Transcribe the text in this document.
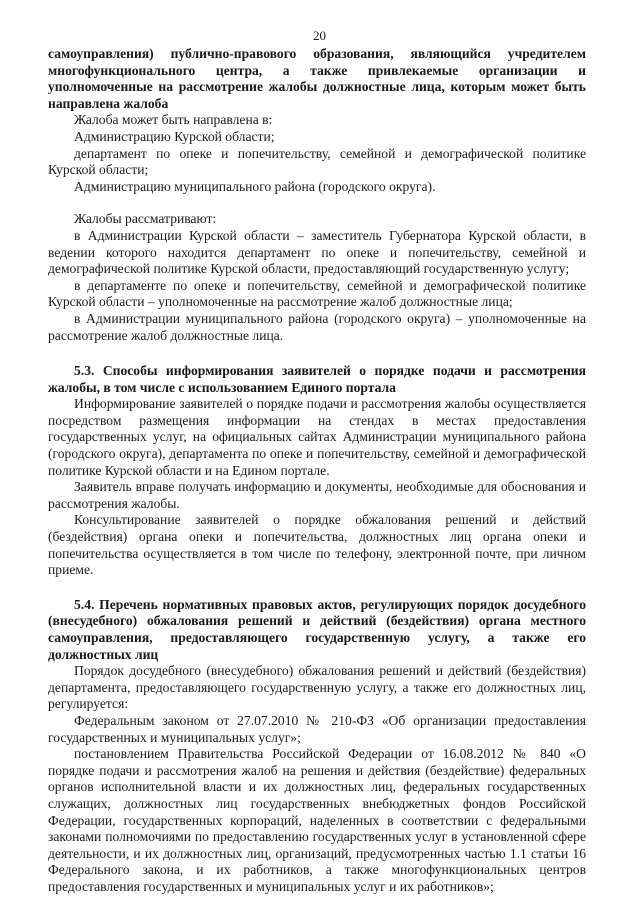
20

самоуправления) публично-правового образования, являющийся учредителем многофункционального центра, а также привлекаемые организации и уполномоченные на рассмотрение жалобы должностные лица, которым может быть направлена жалоба

Жалоба может быть направлена в:

Администрацию Курской области;

департамент по опеке и попечительству, семейной и демографической политике Курской области;

Администрацию муниципального района (городского округа).

Жалобы рассматривают:

в Администрации Курской области – заместитель Губернатора Курской области, в ведении которого находится департамент по опеке и попечительству, семейной и демографической политике Курской области, предоставляющий государственную услугу;

в департаменте по опеке и попечительству, семейной и демографической политике Курской области – уполномоченные на рассмотрение жалоб должностные лица;

в Администрации муниципального района (городского округа) – уполномоченные на рассмотрение жалоб должностные лица.

5.3. Способы информирования заявителей о порядке подачи и рассмотрения жалобы, в том числе с использованием Единого портала

Информирование заявителей о порядке подачи и рассмотрения жалобы осуществляется посредством размещения информации на стендах в местах предоставления государственных услуг, на официальных сайтах Администрации муниципального района (городского округа), департамента по опеке и попечительству, семейной и демографической политике Курской области и на Едином портале.

Заявитель вправе получать информацию и документы, необходимые для обоснования и рассмотрения жалобы.

Консультирование заявителей о порядке обжалования решений и действий (бездействия) органа опеки и попечительства, должностных лиц органа опеки и попечительства осуществляется в том числе по телефону, электронной почте, при личном приеме.

5.4. Перечень нормативных правовых актов, регулирующих порядок досудебного (внесудебного) обжалования решений и действий (бездействия) органа местного самоуправления, предоставляющего государственную услугу, а также его должностных лиц

Порядок досудебного (внесудебного) обжалования решений и действий (бездействия) департамента, предоставляющего государственную услугу, а также его должностных лиц, регулируется:

Федеральным законом от 27.07.2010 № 210-ФЗ «Об организации предоставления государственных и муниципальных услуг»;

постановлением Правительства Российской Федерации от 16.08.2012 № 840 «О порядке подачи и рассмотрения жалоб на решения и действия (бездействие) федеральных органов исполнительной власти и их должностных лиц, федеральных государственных служащих, должностных лиц государственных внебюджетных фондов Российской Федерации, государственных корпораций, наделенных в соответствии с федеральными законами полномочиями по предоставлению государственных услуг в установленной сфере деятельности, и их должностных лиц, организаций, предусмотренных частью 1.1 статьи 16 Федерального закона, и их работников, а также многофункциональных центров предоставления государственных и муниципальных услуг и их работников»;
